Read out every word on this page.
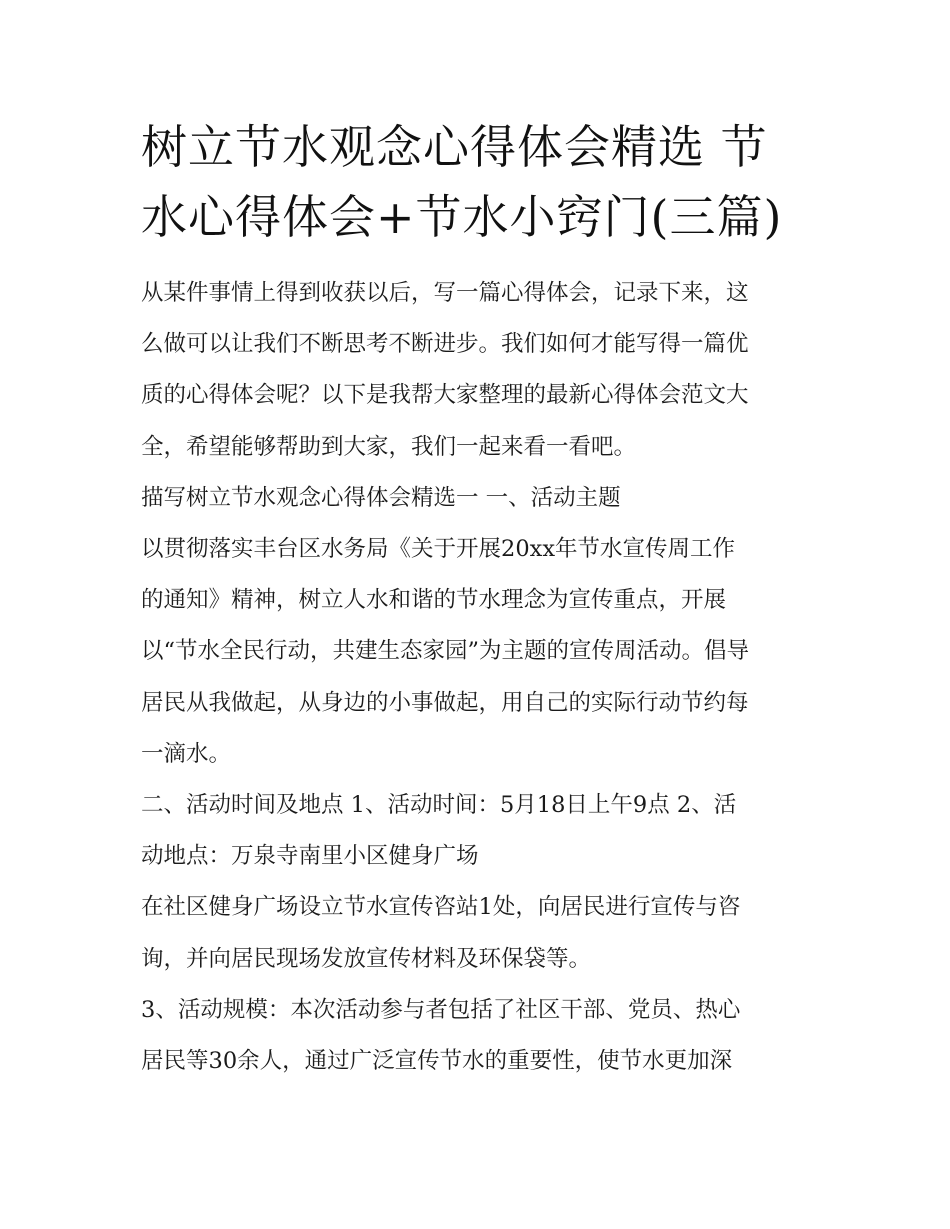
树立节水观念心得体会精选 节
水心得体会+节水小窍门(三篇)

从某件事情上得到收获以后，写一篇心得体会，记录下来，这
么做可以让我们不断思考不断进步。我们如何才能写得一篇优
质的心得体会呢？以下是我帮大家整理的最新心得体会范文大
全，希望能够帮助到大家，我们一起来看一看吧。

描写树立节水观念心得体会精选一 一、活动主题

以贯彻落实丰台区水务局《关于开展20xx年节水宣传周工作
的通知》精神，树立人水和谐的节水理念为宣传重点，开展
以“节水全民行动，共建生态家园”为主题的宣传周活动。倡导
居民从我做起，从身边的小事做起，用自己的实际行动节约每
一滴水。

二、活动时间及地点 1、活动时间：5月18日上午9点 2、活
动地点：万泉寺南里小区健身广场

在社区健身广场设立节水宣传咨站1处，向居民进行宣传与咨
询，并向居民现场发放宣传材料及环保袋等。

3、活动规模：本次活动参与者包括了社区干部、党员、热心
居民等30余人，通过广泛宣传节水的重要性，使节水更加深
